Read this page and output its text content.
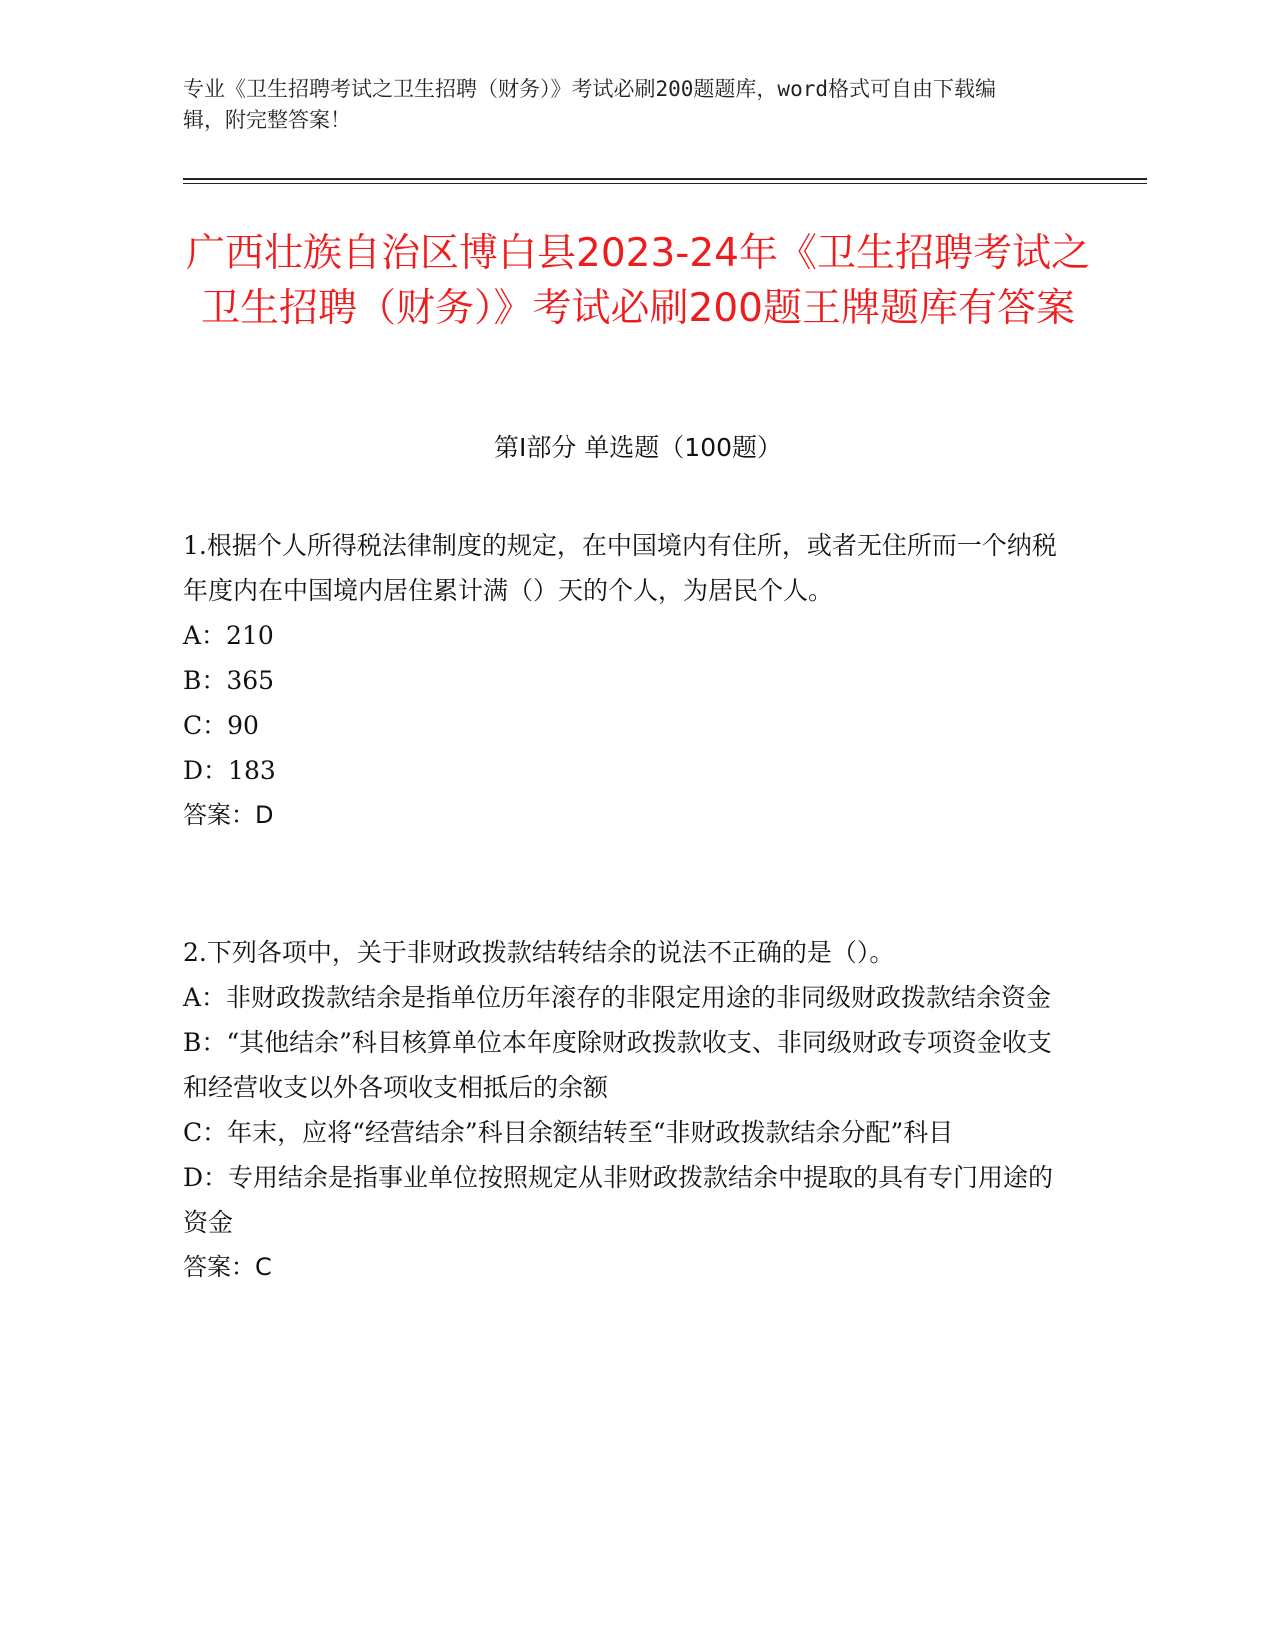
专业《卫生招聘考试之卫生招聘（财务）》考试必刷200题题库，word格式可自由下载编辑，附完整答案！
广西壮族自治区博白县2023-24年《卫生招聘考试之卫生招聘（财务）》考试必刷200题王牌题库有答案
第Ⅰ部分 单选题（100题）
1.根据个人所得税法律制度的规定，在中国境内有住所，或者无住所而一个纳税年度内在中国境内居住累计满（）天的个人，为居民个人。
A：210
B：365
C：90
D：183
答案：D
2.下列各项中，关于非财政拨款结转结余的说法不正确的是（）。
A：非财政拨款结余是指单位历年滚存的非限定用途的非同级财政拨款结余资金
B：“其他结余”科目核算单位本年度除财政拨款收支、非同级财政专项资金收支和经营收支以外各项收支相抵后的余额
C：年末，应将“经营结余”科目余额结转至“非财政拨款结余分配”科目
D：专用结余是指事业单位按照规定从非财政拨款结余中提取的具有专门用途的资金
答案：C
